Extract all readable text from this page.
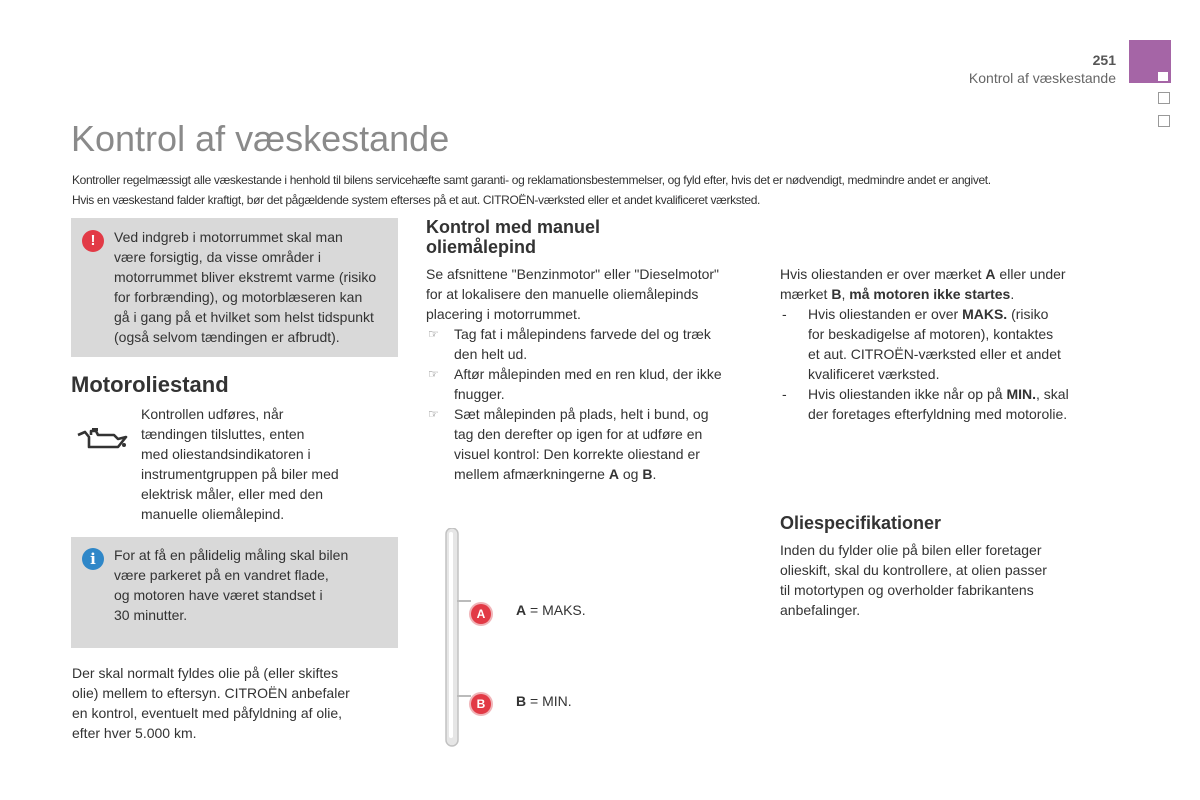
251
Kontrol af væskestande
Kontrol af væskestande

Kontroller regelmæssigt alle væskestande i henhold til bilens servicehæfte samt garanti- og reklamationsbestemmelser, og fyld efter, hvis det er nødvendigt, medmindre andet er angivet.

Hvis en væskestand falder kraftigt, bør det pågældende system efterses på et aut. CITROËN-værksted eller et andet kvalificeret værksted.

!	Ved indgreb i motorrummet skal man

være forsigtig, da visse områder i

motorrummet bliver ekstremt varme (risiko

for forbrænding), og motorblæseren kan

gå i gang på et hvilket som helst tidspunkt

(også selvom tændingen er afbrudt).

Motoroliestand

Kontrollen udføres, når

tændingen tilsluttes, enten

med oliestandsindikatoren i

instrumentgruppen på biler med

elektrisk måler, eller med den

manuelle oliemålepind.

i	For at få en pålidelig måling skal bilen

være parkeret på en vandret flade,

og motoren have været standset i

30 minutter.

Der skal normalt fyldes olie på (eller skiftes

olie) mellem to eftersyn. CITROËN anbefaler

en kontrol, eventuelt med påfyldning af olie,

efter hver 5.000 km.

Kontrol med manuel

oliemålepind

Se afsnittene "Benzinmotor" eller "Dieselmotor"

for at lokalisere den manuelle oliemålepinds

placering i motorrummet.

☞ Tag fat i målepindens farvede del og træk

den helt ud.

☞ Aftør målepinden med en ren klud, der ikke

fnugger.

☞ Sæt målepinden på plads, helt i bund, og

tag den derefter op igen for at udføre en

visuel kontrol: Den korrekte oliestand er

mellem afmærkningerne A og B.

A
B
A = MAKS.
B = MIN.

Hvis oliestanden er over mærket A eller under

mærket B, må motoren ikke startes.

- Hvis oliestanden er over MAKS. (risiko

for beskadigelse af motoren), kontaktes

et aut. CITROËN-værksted eller et andet

kvalificeret værksted.

- Hvis oliestanden ikke når op på MIN., skal

der foretages efterfyldning med motorolie.

Oliespecifikationer

Inden du fylder olie på bilen eller foretager

olieskift, skal du kontrollere, at olien passer

til motortypen og overholder fabrikantens

anbefalinger.
